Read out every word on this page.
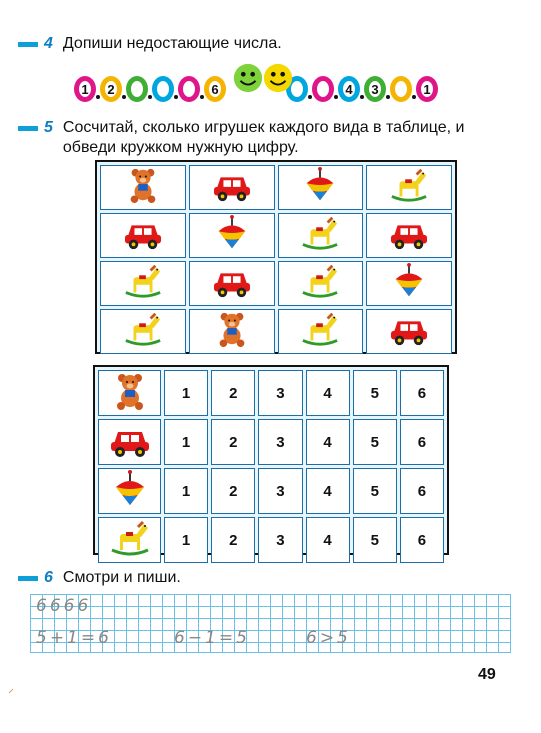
4 Допиши недостающие числа.
1	2	6	4	3	1
5 Сосчитай, сколько игрушек каждого вида в таблице, и
обведи кружком нужную цифру.
1	2	3	4	5	6
1	2	3	4	5	6
1	2	3	4	5	6
1	2	3	4	5	6
6 Смотри и пиши.
6666
5+1=6	6−1=5	6>5
49
